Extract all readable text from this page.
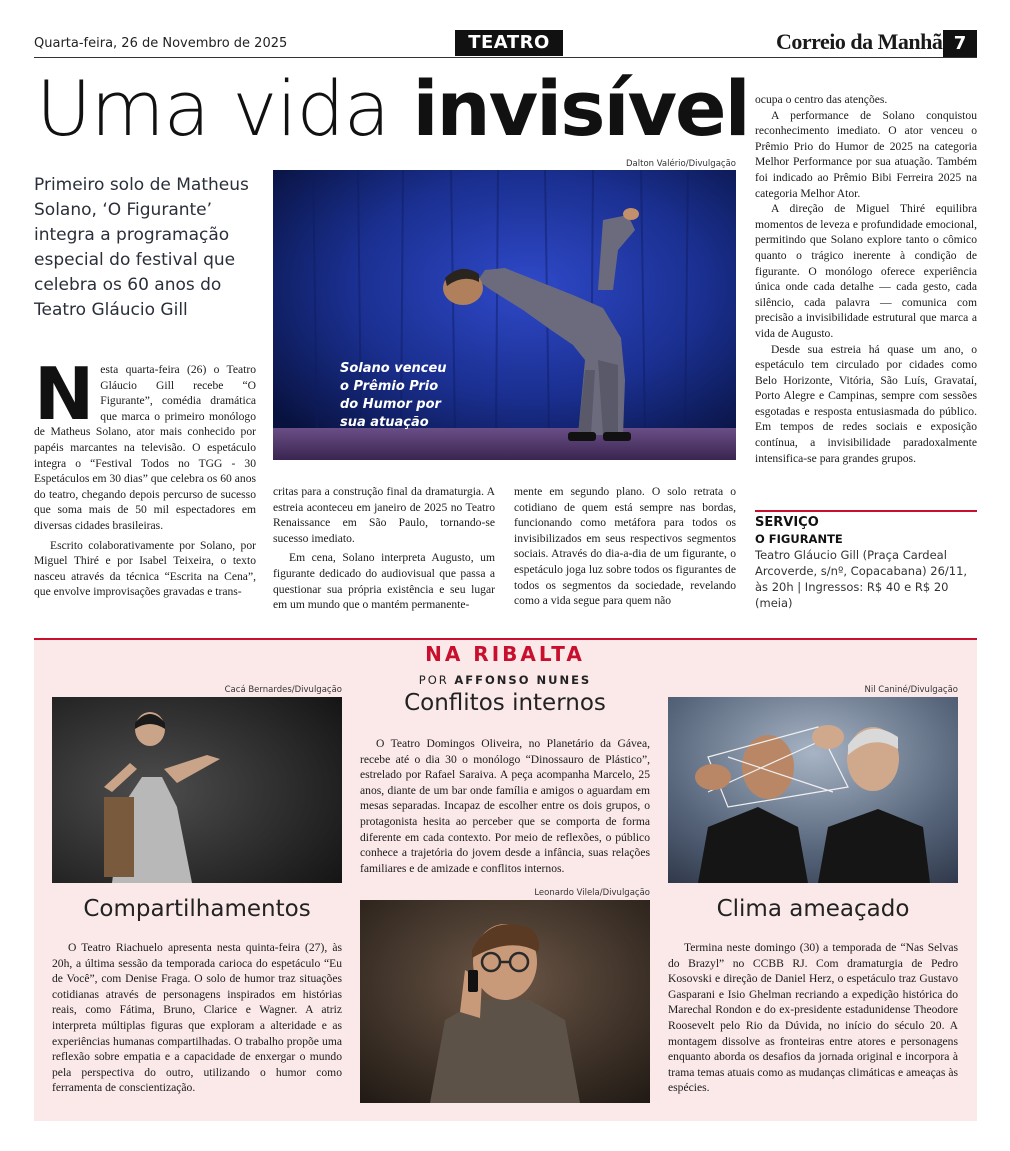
Quarta-feira, 26 de Novembro de 2025	TEATRO	Correio da Manhã 7
Uma vida invisível
Primeiro solo de Matheus Solano, ‘O Figurante’ integra a programação especial do festival que celebra os 60 anos do Teatro Gláucio Gill
Dalton Valério/Divulgação
Solano venceu o Prêmio Prio do Humor por sua atuação

Nesta quarta-feira (26) o Teatro Gláucio Gill recebe “O Figurante”, comédia dramática que marca o primeiro monólogo de Matheus Solano, ator mais conhecido por papéis marcantes na televisão. O espetáculo integra o “Festival Todos no TGG - 30 Espetáculos em 30 dias” que celebra os 60 anos do teatro, chegando depois percurso de sucesso que soma mais de 50 mil espectadores em diversas cidades brasileiras.

Escrito colaborativamente por Solano, por Miguel Thiré e por Isabel Teixeira, o texto nasceu através da técnica “Escrita na Cena”, que envolve improvisações gravadas e trans-

critas para a construção final da dramaturgia. A estreia aconteceu em janeiro de 2025 no Teatro Renaissance em São Paulo, tornando-se sucesso imediato.

Em cena, Solano interpreta Augusto, um figurante dedicado do audiovisual que passa a questionar sua própria existência e seu lugar em um mundo que o mantém permanente-

mente em segundo plano. O solo retrata o cotidiano de quem está sempre nas bordas, funcionando como metáfora para todos os invisibilizados em seus respectivos segmentos sociais. Através do dia-a-dia de um figurante, o espetáculo joga luz sobre todos os figurantes de todos os segmentos da sociedade, revelando como a vida segue para quem não

ocupa o centro das atenções.

A performance de Solano conquistou reconhecimento imediato. O ator venceu o Prêmio Prio do Humor de 2025 na categoria Melhor Performance por sua atuação. Também foi indicado ao Prêmio Bibi Ferreira 2025 na categoria Melhor Ator.

A direção de Miguel Thiré equilibra momentos de leveza e profundidade emocional, permitindo que Solano explore tanto o cômico quanto o trágico inerente à condição de figurante. O monólogo oferece experiência única onde cada detalhe — cada gesto, cada silêncio, cada palavra — comunica com precisão a invisibilidade estrutural que marca a vida de Augusto.

Desde sua estreia há quase um ano, o espetáculo tem circulado por cidades como Belo Horizonte, Vitória, São Luís, Gravataí, Porto Alegre e Campinas, sempre com sessões esgotadas e resposta entusiasmada do público. Em tempos de redes sociais e exposição contínua, a invisibilidade paradoxalmente intensifica-se para grandes grupos.

SERVIÇO
O FIGURANTE
Teatro Gláucio Gill (Praça Cardeal Arcoverde, s/nº, Copacabana) 26/11, às 20h | Ingressos: R$ 40 e R$ 20 (meia)
NA RIBALTA
POR AFFONSO NUNES
Cacá Bernardes/Divulgação
Compartilhamentos

O Teatro Riachuelo apresenta nesta quinta-feira (27), às 20h, a última sessão da temporada carioca do espetáculo “Eu de Você”, com Denise Fraga. O solo de humor traz situações cotidianas através de personagens inspirados em histórias reais, como Fátima, Bruno, Clarice e Wagner. A atriz interpreta múltiplas figuras que exploram a alteridade e as experiências humanas compartilhadas. O trabalho propõe uma reflexão sobre empatia e a capacidade de enxergar o mundo pela perspectiva do outro, utilizando o humor como ferramenta de conscientização.

Conflitos internos

O Teatro Domingos Oliveira, no Planetário da Gávea, recebe até o dia 30 o monólogo “Dinossauro de Plástico”, estrelado por Rafael Saraiva. A peça acompanha Marcelo, 25 anos, diante de um bar onde família e amigos o aguardam em mesas separadas. Incapaz de escolher entre os dois grupos, o protagonista hesita ao perceber que se comporta de forma diferente em cada contexto. Por meio de reflexões, o público conhece a trajetória do jovem desde a infância, suas relações familiares e de amizade e conflitos internos.

Leonardo Vilela/Divulgação
Nil Caniné/Divulgação
Clima ameaçado

Termina neste domingo (30) a temporada de “Nas Selvas do Brazyl” no CCBB RJ. Com dramaturgia de Pedro Kosovski e direção de Daniel Herz, o espetáculo traz Gustavo Gasparani e Isio Ghelman recriando a expedição histórica do Marechal Rondon e do ex-presidente estadunidense Theodore Roosevelt pelo Rio da Dúvida, no início do século 20. A montagem dissolve as fronteiras entre atores e personagens enquanto aborda os desafios da jornada original e incorpora à trama temas atuais como as mudanças climáticas e ameaças às espécies.
